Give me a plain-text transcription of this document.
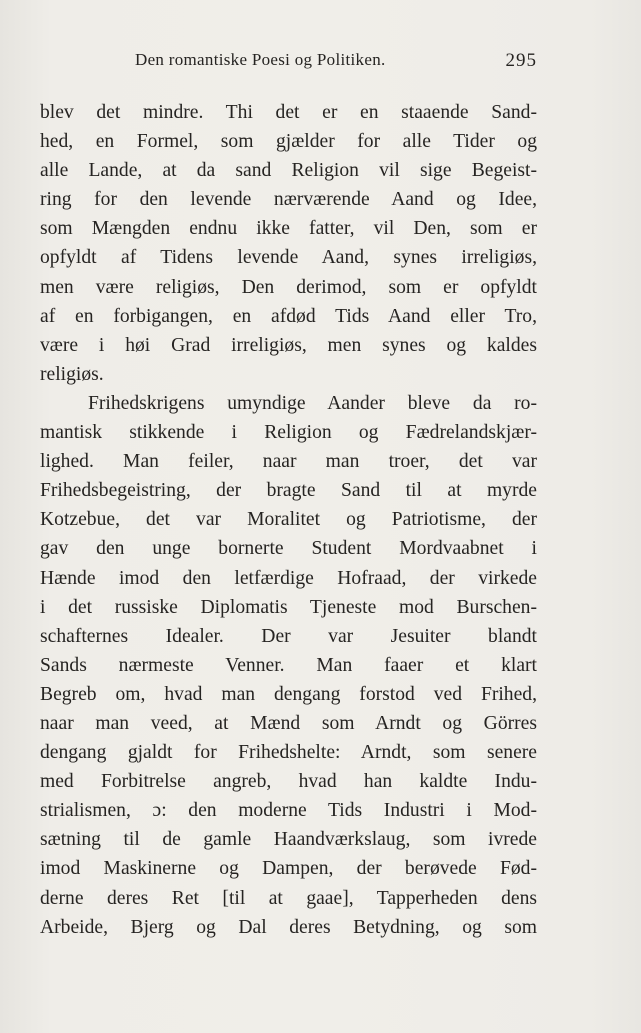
Den romantiske Poesi og Politiken.	295
blev det mindre. Thi det er en staaende Sand-
hed, en Formel, som gjælder for alle Tider og
alle Lande, at da sand Religion vil sige Begeist-
ring for den levende nærværende Aand og Idee,
som Mængden endnu ikke fatter, vil Den, som er
opfyldt af Tidens levende Aand, synes irreligiøs,
men være religiøs, Den derimod, som er opfyldt
af en forbigangen, en afdød Tids Aand eller Tro,
være i høi Grad irreligiøs, men synes og kaldes
religiøs.
Frihedskrigens umyndige Aander bleve da ro-
mantisk stikkende i Religion og Fædrelandskjær-
lighed. Man feiler, naar man troer, det var
Frihedsbegeistring, der bragte Sand til at myrde
Kotzebue, det var Moralitet og Patriotisme, der
gav den unge bornerte Student Mordvaabnet i
Hænde imod den letfærdige Hofraad, der virkede
i det russiske Diplomatis Tjeneste mod Burschen-
schafternes Idealer. Der var Jesuiter blandt
Sands nærmeste Venner. Man faaer et klart
Begreb om, hvad man dengang forstod ved Frihed,
naar man veed, at Mænd som Arndt og Görres
dengang gjaldt for Frihedshelte: Arndt, som senere
med Forbitrelse angreb, hvad han kaldte Indu-
strialismen, ɔ: den moderne Tids Industri i Mod-
sætning til de gamle Haandværkslaug, som ivrede
imod Maskinerne og Dampen, der berøvede Fød-
derne deres Ret [til at gaae], Tapperheden dens
Arbeide, Bjerg og Dal deres Betydning, og som
